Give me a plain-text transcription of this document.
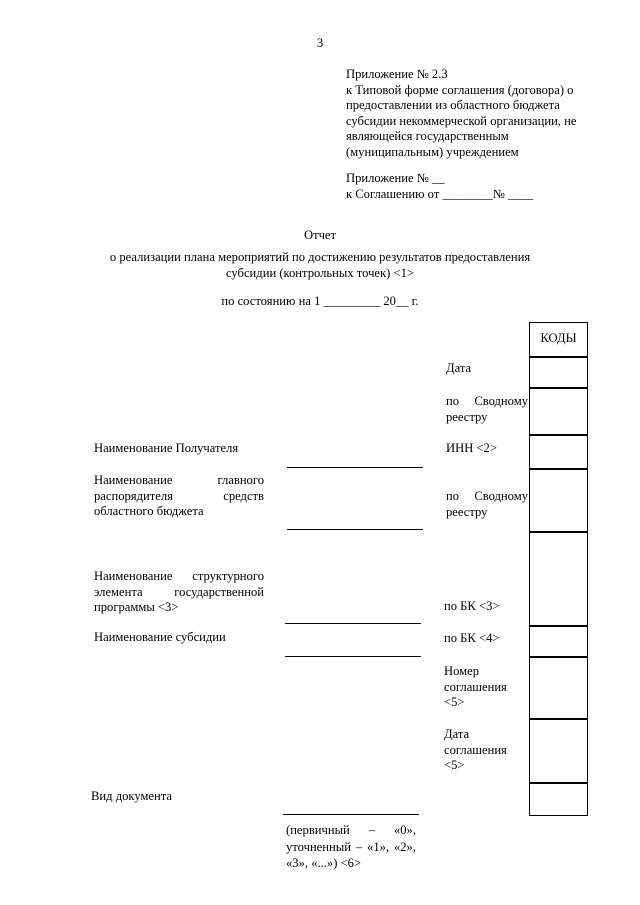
3
Приложение № 2.3
к Типовой форме соглашения (договора) о
предоставлении из областного бюджета
субсидии некоммерческой организации, не
являющейся государственным
(муниципальным) учреждением
Приложение № __
к Соглашению от ________№ ____
Отчет
о реализации плана мероприятий по достижению результатов предоставления
субсидии (контрольных точек) <1>
по состоянию на 1 _________ 20__ г.
КОДЫ
Дата
по Сводному
реестру
ИНН <2>
по Сводному
реестру
по БК <3>
по БК <4>
Номер
соглашения
<5>
Дата
соглашения
<5>
Наименование Получателя
Наименование главного
распорядителя средств
областного бюджета
Наименование структурного
элемента государственной
программы <3>
Наименование субсидии
Вид документа
(первичный – «0»,
уточненный – «1», «2»,
«3», «...») <6>
